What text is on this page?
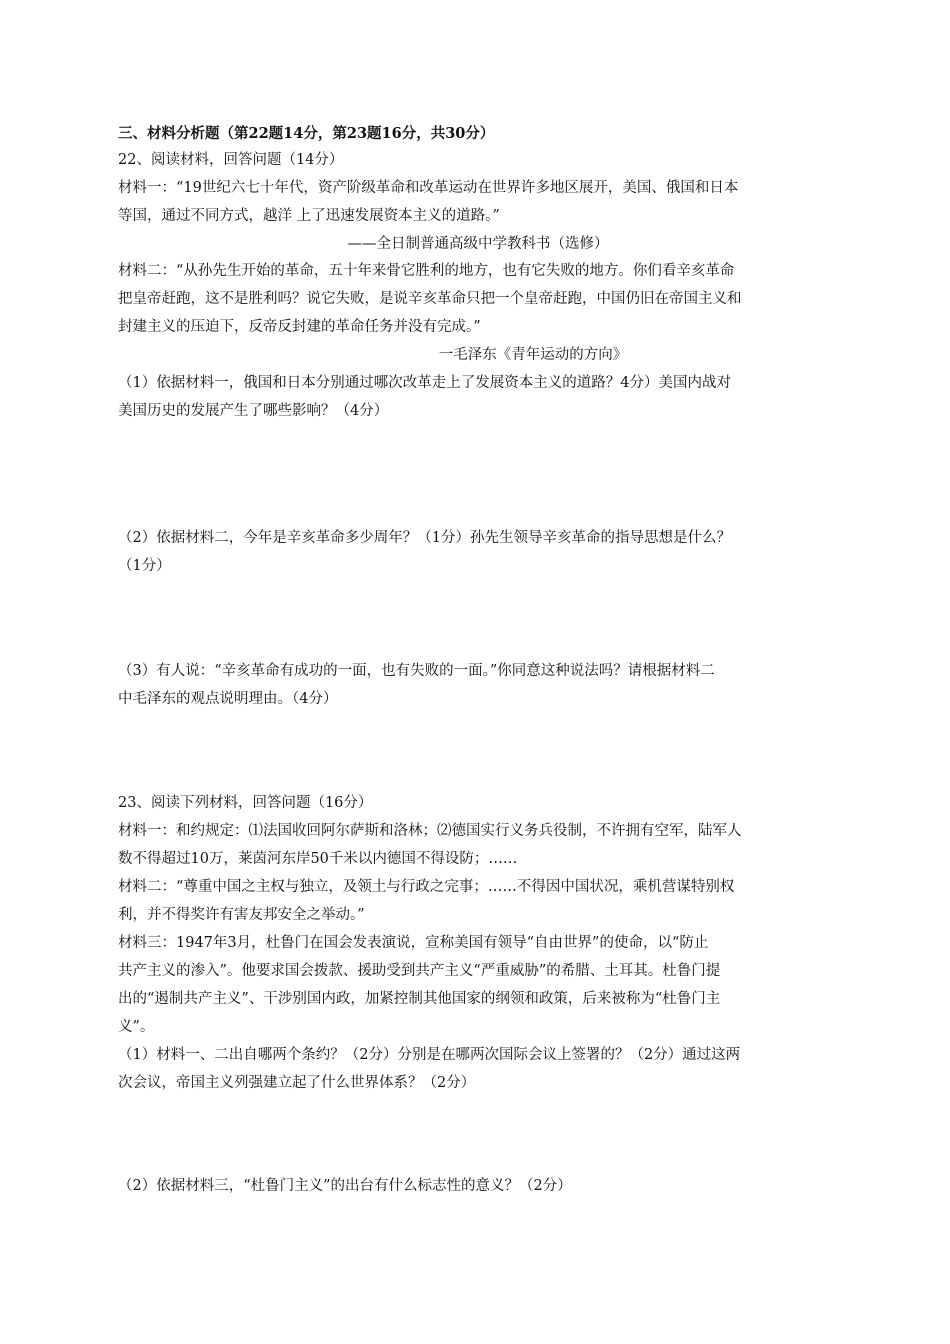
三、材料分析题（第22题14分，第23题16分，共30分）
22、阅读材料，回答问题（14分）
材料一：“19世纪六七十年代，资产阶级革命和改革运动在世界许多地区展开，美国、俄国和日本
等国，通过不同方式，越洋 上了迅速发展资本主义的道路。”
——全日制普通高级中学教科书（选修）
材料二：“从孙先生开始的革命，五十年来骨它胜利的地方，也有它失败的地方。你们看辛亥革命
把皇帝赶跑，这不是胜利吗？说它失败，是说辛亥革命只把一个皇帝赶跑，中国仍旧在帝国主义和
封建主义的压迫下，反帝反封建的革命任务并没有完成。”
一毛泽东《青年运动的方向》
（1）依据材料一，俄国和日本分别通过哪次改革走上了发展资本主义的道路？4分）美国内战对
美国历史的发展产生了哪些影响？（4分）
（2）依据材料二，今年是辛亥革命多少周年？（1分）孙先生领导辛亥革命的指导思想是什么？
（1分）
（3）有人说：“辛亥革命有成功的一面，也有失败的一面。”你同意这种说法吗？请根据材料二
中毛泽东的观点说明理由。（4分）
23、阅读下列材料，回答问题（16分）
材料一：和约规定：⑴法国收回阿尔萨斯和洛林；⑵德国实行义务兵役制，不许拥有空军，陆军人
数不得超过10万，莱茵河东岸50千米以内德国不得设防；……
材料二：“尊重中国之主权与独立，及领土与行政之完事；……不得因中国状况，乘机营谋特别权
利，并不得奖许有害友邦安全之举动。”
材料三：1947年3月，杜鲁门在国会发表演说，宣称美国有领导“自由世界”的使命，以“防止
共产主义的渗入”。他要求国会拨款、援助受到共产主义“严重威胁”的希腊、土耳其。杜鲁门提
出的“遏制共产主义”、干涉别国内政，加紧控制其他国家的纲领和政策，后来被称为“杜鲁门主
义”。
（1）材料一、二出自哪两个条约？（2分）分别是在哪两次国际会议上签署的？（2分）通过这两
次会议，帝国主义列强建立起了什么世界体系？（2分）
（2）依据材料三，“杜鲁门主义”的出台有什么标志性的意义？（2分）
